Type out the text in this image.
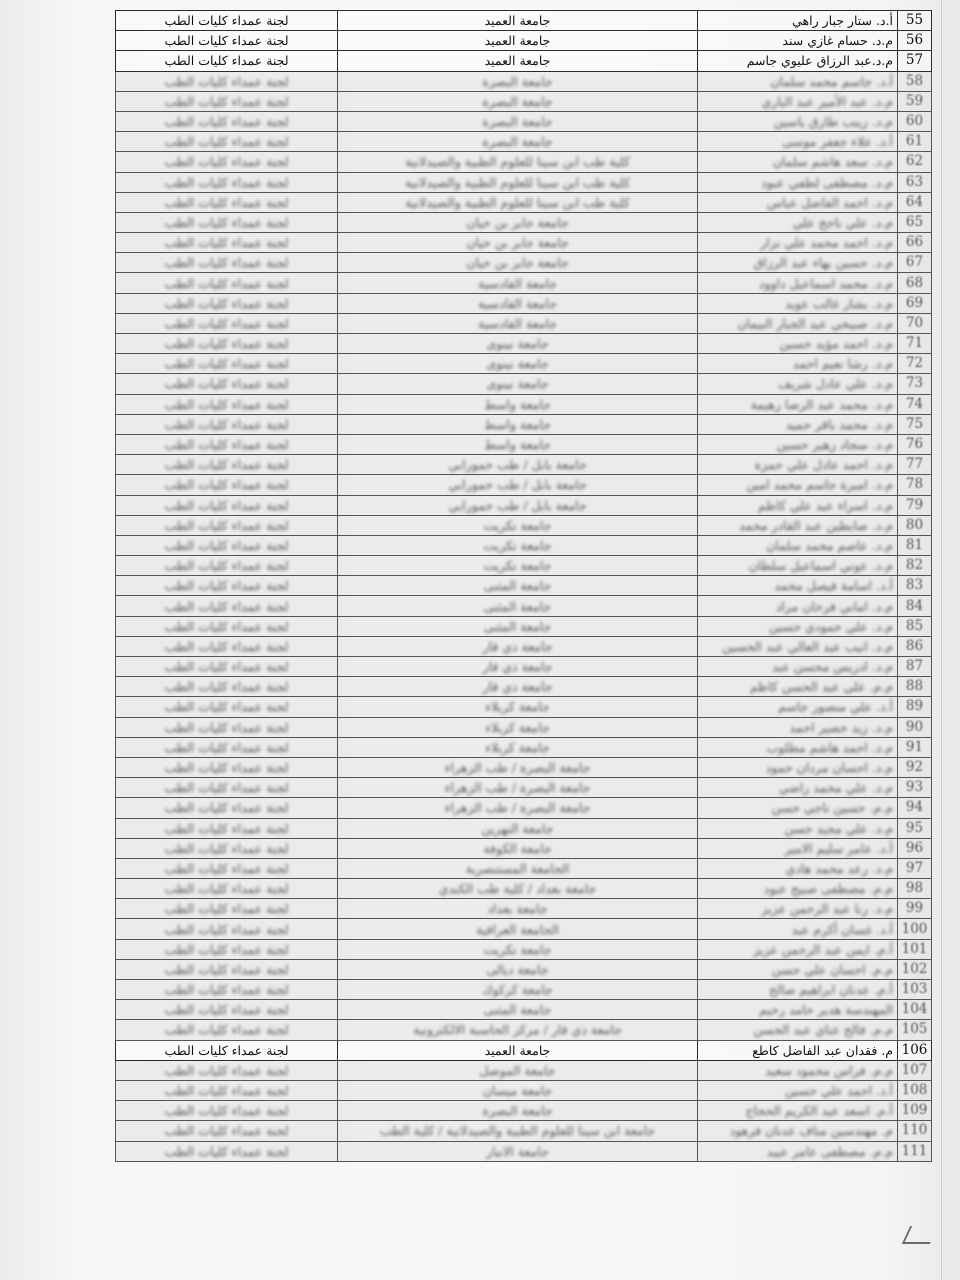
لجنة عمداء كليات الطب	جامعة العميد	أ.د. ستار جبار راهي	55
لجنة عمداء كليات الطب	جامعة العميد	م.د. حسام غازي سند	56
لجنة عمداء كليات الطب	جامعة العميد	م.د.عبد الرزاق عليوي جاسم	57
لجنة عمداء كليات الطب	جامعة البصرة	أ.د. جاسم محمد سلمان	58
لجنة عمداء كليات الطب	جامعة البصرة	م.د. عبد الأمير عبد الباري	59
لجنة عمداء كليات الطب	جامعة البصرة	م.د. زينب طارق ياسين	60
لجنة عمداء كليات الطب	جامعة البصرة	أ.د. علاء جعفر موسى	61
لجنة عمداء كليات الطب	كلية طب ابن سينا للعلوم الطبية والصيدلانية	م.د. سعد هاشم سلمان	62
لجنة عمداء كليات الطب	كلية طب ابن سينا للعلوم الطبية والصيدلانية	م.د. مصطفى لطفي عبود	63
لجنة عمداء كليات الطب	كلية طب ابن سينا للعلوم الطبية والصيدلانية	م.د. احمد الفاضل عباس	64
لجنة عمداء كليات الطب	جامعة جابر بن حيان	م.د. علي ناجح علي	65
لجنة عمداء كليات الطب	جامعة جابر بن حيان	م.د. احمد محمد علي نزار	66
لجنة عمداء كليات الطب	جامعة جابر بن حيان	م.د. حسين بهاء عبد الرزاق	67
لجنة عمداء كليات الطب	جامعة القادسية	م.د. محمد اسماعيل داوود	68
لجنة عمداء كليات الطب	جامعة القادسية	م.د. بشار غالب عويد	69
لجنة عمداء كليات الطب	جامعة القادسية	م.د. صبيحي عبد الجبار البيمان	70
لجنة عمداء كليات الطب	جامعة نينوى	م.د. احمد مؤيد حسين	71
لجنة عمداء كليات الطب	جامعة نينوى	م.د. رشا نعيم احمد	72
لجنة عمداء كليات الطب	جامعة نينوى	م.د. علي عادل شريف	73
لجنة عمداء كليات الطب	جامعة واسط	م.د. محمد عبد الرضا رهيمة	74
لجنة عمداء كليات الطب	جامعة واسط	م.د. محمد باقر حميد	75
لجنة عمداء كليات الطب	جامعة واسط	م.د. سجاد زهير حسين	76
لجنة عمداء كليات الطب	جامعة بابل / طب حمورابي	م.د. احمد عادل علي حمزة	77
لجنة عمداء كليات الطب	جامعة بابل / طب حمورابي	م.د. اميرة جاسم محمد امين	78
لجنة عمداء كليات الطب	جامعة بابل / طب حمورابي	م.د. اسراء عبد علي كاظم	79
لجنة عمداء كليات الطب	جامعة تكريت	م.د. صابطين عبد القادر محمد	80
لجنة عمداء كليات الطب	جامعة تكريت	م.د. عاصم محمد سلمان	81
لجنة عمداء كليات الطب	جامعة تكريت	م.د. عوني اسماعيل سلطان	82
لجنة عمداء كليات الطب	جامعة المثنى	أ.د. اسامة فيصل محمد	83
لجنة عمداء كليات الطب	جامعة المثنى	م.د. اماني فرحان مراد	84
لجنة عمداء كليات الطب	جامعة المثنى	م.د. علي حمودي حسين	85
لجنة عمداء كليات الطب	جامعة ذي قار	م.د. انيب عبد العالي عبد الحسين	86
لجنة عمداء كليات الطب	جامعة ذي قار	م.د. ادريس محسن عبد	87
لجنة عمداء كليات الطب	جامعة ذي قار	م.م. علي عبد الحسن كاظم	88
لجنة عمداء كليات الطب	جامعة كربلاء	أ.د. علي منصور جاسم	89
لجنة عمداء كليات الطب	جامعة كربلاء	م.د. زيد خضير احمد	90
لجنة عمداء كليات الطب	جامعة كربلاء	م.د. احمد هاشم مطلوب	91
لجنة عمداء كليات الطب	جامعة البصرة / طب الزهراء	م.د. احسان مردان حمود	92
لجنة عمداء كليات الطب	جامعة البصرة / طب الزهراء	م.د. علي محمد راضي	93
لجنة عمداء كليات الطب	جامعة البصرة / طب الزهراء	م.م. حسين ناجي حسن	94
لجنة عمداء كليات الطب	جامعة النهرين	م.د. علي مجيد حسن	95
لجنة عمداء كليات الطب	جامعة الكوفة	أ.د. عامر سليم الامير	96
لجنة عمداء كليات الطب	الجامعة المستنصرية	م.د. رعد محمد هادي	97
لجنة عمداء كليات الطب	جامعة بغداد / كلية طب الكندي	م.م. مصطفى صبيح عبود	98
لجنة عمداء كليات الطب	جامعة بغداد	م.د. رنا عبد الرحمن عزيز	99
لجنة عمداء كليات الطب	الجامعة العراقية	أ.د. غسان أكرم عبد	100
لجنة عمداء كليات الطب	جامعة تكريت	أ.م. ايمن عبد الرحمن عزيز	101
لجنة عمداء كليات الطب	جامعة ديالى	م.م. احسان علي حسن	102
لجنة عمداء كليات الطب	جامعة كركوك	أ.م. عدنان ابراهيم صالح	103
لجنة عمداء كليات الطب	جامعة المثنى	المهندسة هدير حامد رحيم	104
لجنة عمداء كليات الطب	جامعة ذي قار / مركز الحاسبة الالكترونية	م.م. فالح عناي عبد الحسن	105
لجنة عمداء كليات الطب	جامعة العميد	م. فقدان عبد الفاضل كاطع	106
لجنة عمداء كليات الطب	جامعة الموصل	م.م. فراس محمود سعيد	107
لجنة عمداء كليات الطب	جامعة ميسان	أ.د. احمد علي حسين	108
لجنة عمداء كليات الطب	جامعة البصرة	أ.م. اسعد عبد الكريم الحجاج	109
لجنة عمداء كليات الطب	جامعة ابن سينا للعلوم الطبية والصيدلانية / كلية الطب	م. مهندسين مناف عدنان فرهود	110
لجنة عمداء كليات الطب	جامعة الانبار	م.م. مصطفى عامر عبيد	111
